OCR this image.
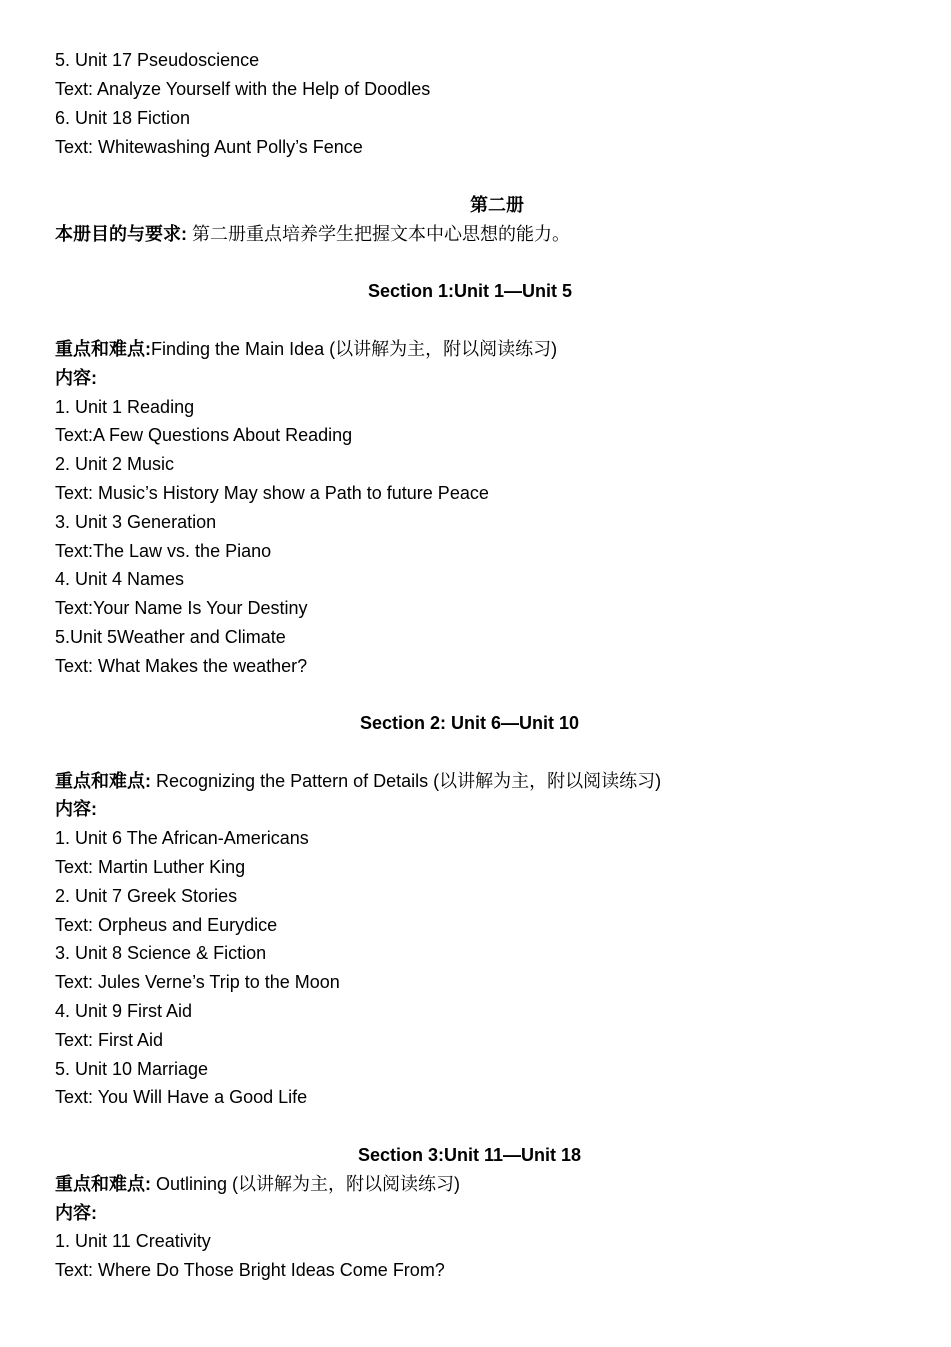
5. Unit 17 Pseudoscience
Text: Analyze Yourself with the Help of Doodles
6. Unit 18 Fiction
Text: Whitewashing Aunt Polly’s Fence
第二册
本册目的与要求: 第二册重点培养学生把握文本中心思想的能力。
Section 1:Unit 1—Unit 5
重点和难点:Finding the Main Idea (以讲解为主，附以阅读练习)
内容:
1. Unit 1 Reading
Text:A Few Questions About Reading
2. Unit 2 Music
Text: Music’s History May show a Path to future Peace
3. Unit 3 Generation
Text:The Law vs. the Piano
4. Unit 4 Names
Text:Your Name Is Your Destiny
5.Unit 5Weather and Climate
Text: What Makes the weather?
Section 2: Unit 6—Unit 10
重点和难点: Recognizing the Pattern of Details (以讲解为主，附以阅读练习)
内容:
1. Unit 6 The African-Americans
Text: Martin Luther King
2. Unit 7 Greek Stories
Text: Orpheus and Eurydice
3. Unit 8 Science & Fiction
Text: Jules Verne’s Trip to the Moon
4. Unit 9 First Aid
Text: First Aid
5. Unit 10 Marriage
Text: You Will Have a Good Life
Section 3:Unit 11—Unit 18
重点和难点: Outlining (以讲解为主，附以阅读练习)
内容:
1. Unit 11 Creativity
Text: Where Do Those Bright Ideas Come From?
